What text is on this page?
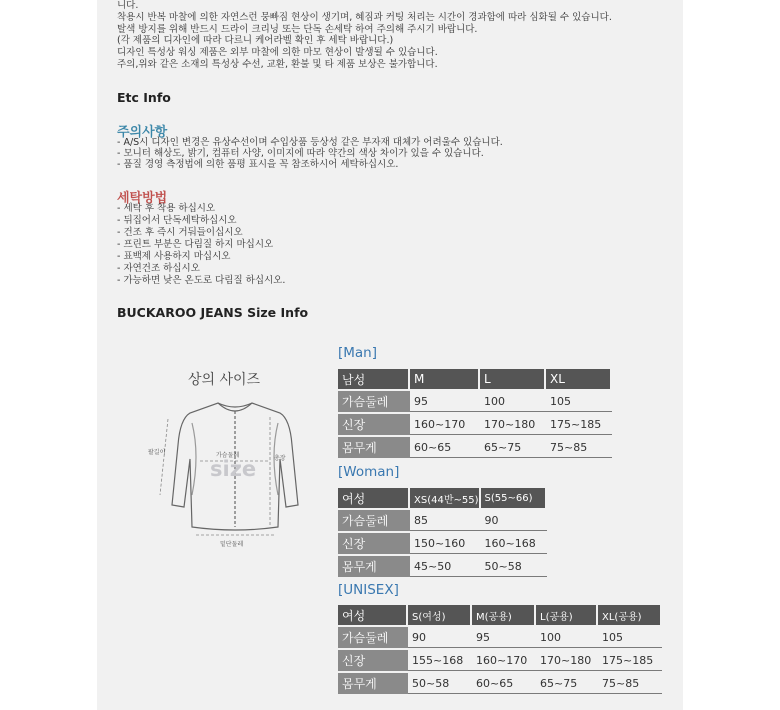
니다.
착용시 반복 마찰에 의한 자연스런 뭉빠짐 현상이 생기며, 혜짐과 커팅 처리는 시간이 경과함에 따라 심화될 수 있습니다.
탈색 방지를 위해 반드시 드라이 크리닝 또는 단독 손세탁 하여 주의해 주시기 바랍니다.
(각 제품의 디자인에 따라 다르니 케어라벨 확인 후 세탁 바랍니다.)
디자인 특성상 워싱 제품은 외부 마찰에 의한 마모 현상이 발생될 수 있습니다.
주의,위와 같은 소재의 특성상 수선, 교환, 환불 및 타 제품 보상은 불가합니다.
Etc Info
주의사항
- A/S시 디자인 변경은 유상수선이며 수입상품 등상성 같은 부자재 대체가 어려울수 있습니다.
- 모니터 해상도, 밝기, 컴퓨터 사양, 이미지에 따라 약간의 색상 차이가 있을 수 있습니다.
- 품질 경영 측정법에 의한 품평 표시을 꼭 참조하시어 세탁하십시오.
세탁방법
- 세탁 후 착용 하십시오
- 뒤집어서 단독세탁하십시오
- 건조 후 즉시 거둬들이십시오
- 프린트 부분은 다림질 하지 마십시오
- 표백제 사용하지 마십시오
- 자연건조 하십시오
- 가능하면 낮은 온도로 다림질 하십시오.
BUCKAROO JEANS Size Info
상의 사이즈
size
팔길이	가슴둘레	총장
밑단둘레
[Man]
남성	M	L	XL
가슴둘레	95	100	105
신장	160~170	170~180	175~185
몸무게	60~65	65~75	75~85
[Woman]
여성	XS(44반~55)	S(55~66)
가슴둘레	85	90
신장	150~160	160~168
몸무게	45~50	50~58
[UNISEX]
여성	S(여성)	M(공용)	L(공용)	XL(공용)
가슴둘레	90	95	100	105
신장	155~168	160~170	170~180	175~185
몸무게	50~58	60~65	65~75	75~85
